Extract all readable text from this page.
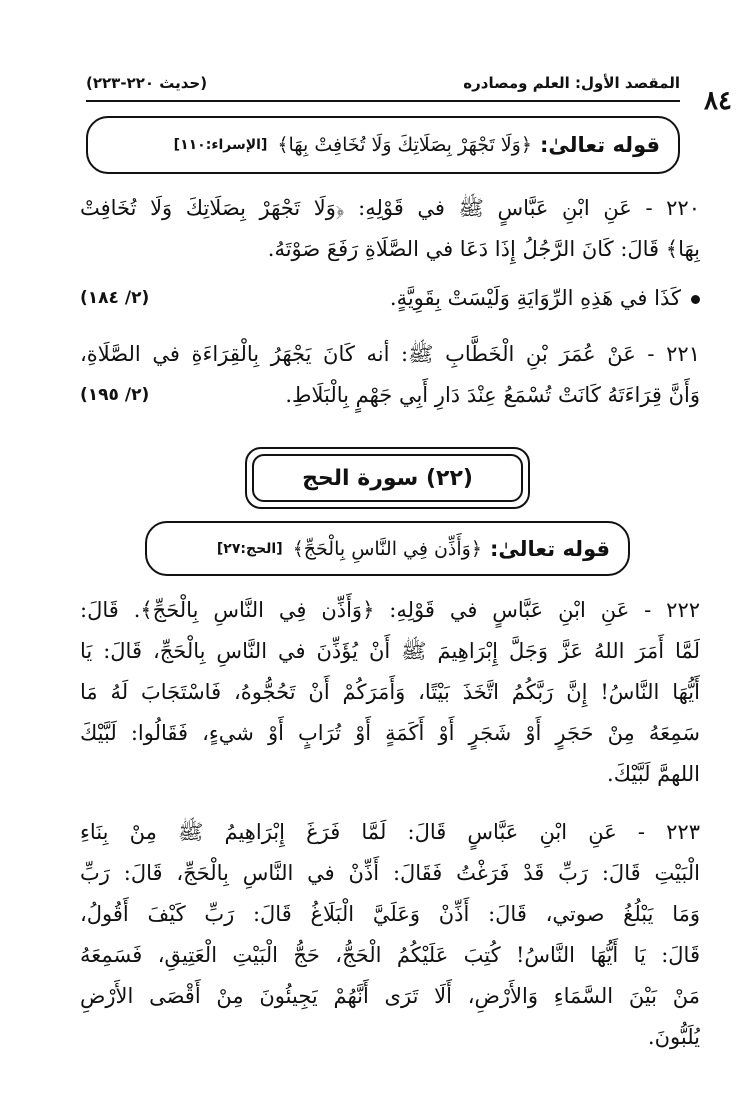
٨٤
المقصد الأول: العلم ومصادره
(حديث ٢٢٠-٢٢٣)
قوله تعالىٰ:
﴿وَلَا تَجْهَرْ بِصَلَاتِكَ وَلَا تُخَافِتْ بِهَا﴾
[الإسراء:١١٠]
٢٢٠ - عَنِ ابْنِ عَبَّاسٍ ﷺ في قَوْلِهِ: ﴿وَلَا تَجْهَرْ بِصَلَاتِكَ وَلَا تُخَافِتْ
بِهَا﴾ قَالَ: كَانَ الرَّجُلُ إِذَا دَعَا في الصَّلَاةِ رَفَعَ صَوْتَهُ.
كَذَا في هَذِهِ الرِّوَايَةِ وَلَيْسَتْ بِقَوِيَّةٍ.
(٢/ ١٨٤)
٢٢١ - عَنْ عُمَرَ بْنِ الْخَطَّابِ ﷺ: أنه كَانَ يَجْهَرُ بِالْقِرَاءَةِ في الصَّلَاةِ،
وَأَنَّ قِرَاءَتَهُ كَانَتْ تُسْمَعُ عِنْدَ دَارِ أَبِي جَهْمٍ بِالْبَلَاطِ.
(٢/ ١٩٥)
(٢٢) سورة الحج
قوله تعالىٰ:
﴿وَأَذِّن فِي النَّاسِ بِالْحَجِّ﴾
[الحج:٢٧]
٢٢٢ - عَنِ ابْنِ عَبَّاسٍ في قَوْلِهِ: ﴿وَأَذِّن فِي النَّاسِ بِالْحَجِّ﴾. قَالَ:
لَمَّا أَمَرَ اللهُ عَزَّ وَجَلَّ إِبْرَاهِيمَ ﷺ أَنْ يُؤَذِّنَ في النَّاسِ بِالْحَجِّ، قَالَ: يَا
أَيُّهَا النَّاسُ! إِنَّ رَبَّكُمُ اتَّخَذَ بَيْتًا، وَأَمَرَكُمْ أَنْ تَحُجُّوهُ، فَاسْتَجَابَ لَهُ مَا
سَمِعَهُ مِنْ حَجَرٍ أَوْ شَجَرٍ أَوْ أَكَمَةٍ أَوْ تُرَابٍ أَوْ شيءٍ، فَقَالُوا: لَبَّيْكَ
اللهمَّ لَبَّيْكَ.
٢٢٣ - عَنِ ابْنِ عَبَّاسٍ قَالَ: لَمَّا فَرَغَ إِبْرَاهِيمُ ﷺ مِنْ بِنَاءِ
الْبَيْتِ قَالَ: رَبِّ قَدْ فَرَغْتُ فَقَالَ: أَذِّنْ في النَّاسِ بِالْحَجِّ، قَالَ: رَبِّ
وَمَا يَبْلُغُ صوتي، قَالَ: أَذِّنْ وَعَلَيَّ الْبَلَاغُ قَالَ: رَبِّ كَيْفَ أَقُولُ،
قَالَ: يَا أَيُّهَا النَّاسُ! كُتِبَ عَلَيْكُمُ الْحَجُّ، حَجُّ الْبَيْتِ الْعَتِيقِ، فَسَمِعَهُ
مَنْ بَيْنَ السَّمَاءِ وَالأَرْضِ، أَلَا تَرَى أَنَّهُمْ يَجِيئُونَ مِنْ أَقْصَى الأَرْضِ
يُلَبُّونَ.
